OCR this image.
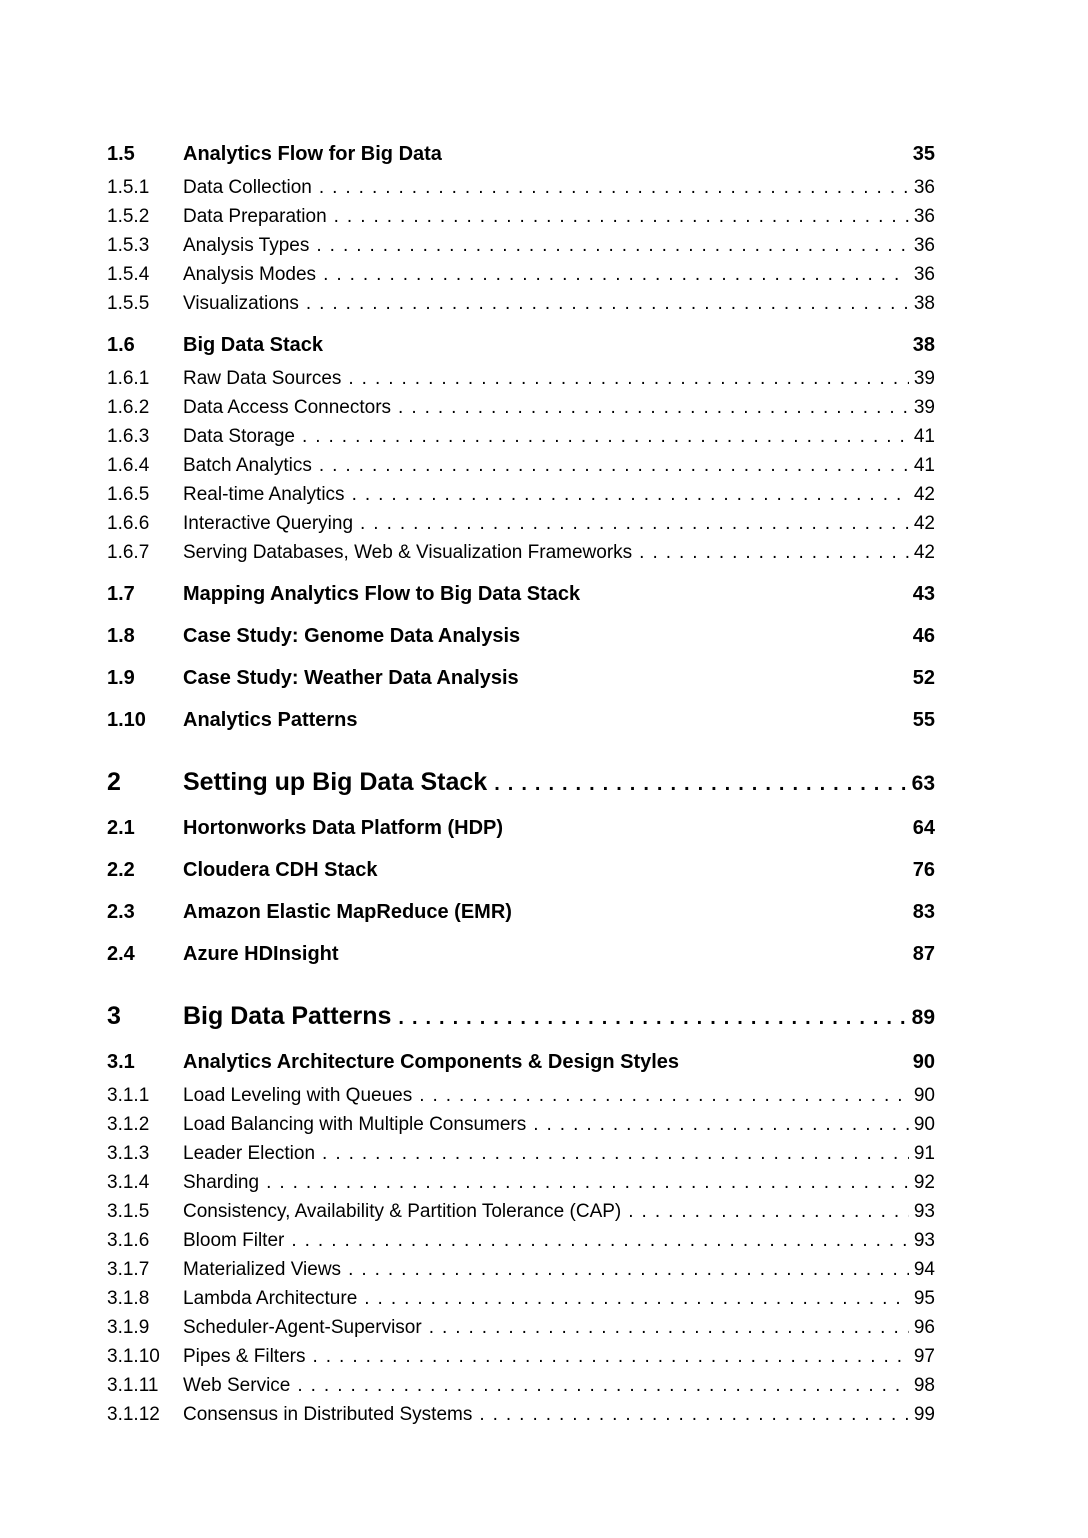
1.5	Analytics Flow for Big Data	35
1.5.1	Data Collection .....	36
1.5.2	Data Preparation .....	36
1.5.3	Analysis Types .....	36
1.5.4	Analysis Modes .....	36
1.5.5	Visualizations .....	38
1.6	Big Data Stack	38
1.6.1	Raw Data Sources .....	39
1.6.2	Data Access Connectors .....	39
1.6.3	Data Storage .....	41
1.6.4	Batch Analytics .....	41
1.6.5	Real-time Analytics .....	42
1.6.6	Interactive Querying .....	42
1.6.7	Serving Databases, Web & Visualization Frameworks .....	42
1.7	Mapping Analytics Flow to Big Data Stack	43
1.8	Case Study: Genome Data Analysis	46
1.9	Case Study: Weather Data Analysis	52
1.10	Analytics Patterns	55
2	Setting up Big Data Stack .....	63
2.1	Hortonworks Data Platform (HDP)	64
2.2	Cloudera CDH Stack	76
2.3	Amazon Elastic MapReduce (EMR)	83
2.4	Azure HDInsight	87
3	Big Data Patterns .....	89
3.1	Analytics Architecture Components & Design Styles	90
3.1.1	Load Leveling with Queues .....	90
3.1.2	Load Balancing with Multiple Consumers .....	90
3.1.3	Leader Election .....	91
3.1.4	Sharding .....	92
3.1.5	Consistency, Availability & Partition Tolerance (CAP) .....	93
3.1.6	Bloom Filter .....	93
3.1.7	Materialized Views .....	94
3.1.8	Lambda Architecture .....	95
3.1.9	Scheduler-Agent-Supervisor .....	96
3.1.10	Pipes & Filters .....	97
3.1.11	Web Service .....	98
3.1.12	Consensus in Distributed Systems .....	99
